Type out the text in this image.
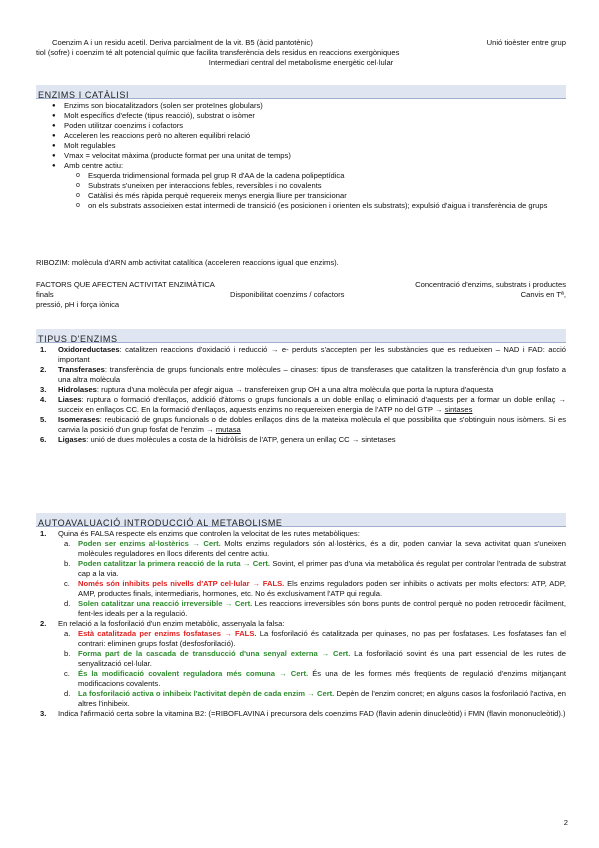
Coenzim A i un residu acetil. Deriva parcialment de la vit. B5 (àcid pantotènic)	Unió tioèster entre grup
tiol (sofre) i coenzim té alt potencial químic que facilita transferència dels residus en reaccions exergòniques
Intermediari central del metabolisme energètic cel·lular
ENZIMS I CATÀLISI
● Enzims son biocatalitzadors (solen ser proteïnes globulars)
● Molt específics d'efecte (tipus reacció), substrat o isòmer
● Poden utilitzar coenzims i cofactors
● Acceleren les reaccions però no alteren equilibri relació
● Molt regulables
● Vmax = velocitat màxima (producte format per una unitat de temps)
● Amb centre actiu:
o Esquerda tridimensional formada pel grup R d'AA de la cadena polipeptídica
o Substrats s'uneixen per interaccions febles, reversibles i no covalents
o Catàlisi és més ràpida perquè requereix menys energia lliure per transicionar
o on els substrats associeixen estat intermedi de transició (es posicionen i orienten els substrats); expulsió d'aigua i transferència de grups
RIBOZIM: molècula d'ARN amb activitat catalítica (acceleren reaccions igual que enzims).
FACTORS QUE AFECTEN ACTIVITAT ENZIMÀTICA	Concentració d'enzims, substrats i productes
finals	Disponibilitat coenzims / cofactors	Canvis en Tª,
pressió, pH i força iònica
TIPUS D'ENZIMS
1. Oxidoreductases: catalitzen reaccions d'oxidació i reducció → e- perduts s'accepten per les substàncies que es redueixen – NAD i FAD: acció important
2. Transferases: transferència de grups funcionals entre molècules – cinases: tipus de transferases que catalitzen la transferència d'un grup fosfato a una altra molècula
3. Hidrolases: ruptura d'una molècula per afegir aigua → transfereixen grup OH a una altra molècula que porta la ruptura d'aquesta
4. Liases: ruptura o formació d'enllaços, addició d'àtoms o grups funcionals a un doble enllaç o eliminació d'aquests per a formar un doble enllaç → succeix en enllaços CC. En la formació d'enllaços, aquests enzims no requereixen energia de l'ATP no del GTP → sintases
5. Isomerases: reubicació de grups funcionals o de dobles enllaços dins de la mateixa molècula el que possibilita que s'obtinguin nous isòmers. Si es canvia la posició d'un grup fosfat de l'enzim → mutasa
6. Ligases: unió de dues molècules a costa de la hidròlisis de l'ATP, genera un enllaç CC → sintetases
AUTOAVALUACIÓ INTRODUCCIÓ AL METABOLISME
1. Quina és FALSA respecte els enzims que controlen la velocitat de les rutes metabòliques:
a. Poden ser enzims al·lostèrics → Cert. Molts enzims reguladors són al·lostèrics, és a dir, poden canviar la seva activitat quan s'uneixen molècules reguladores en llocs diferents del centre actiu.
b. Poden catalitzar la primera reacció de la ruta → Cert. Sovint, el primer pas d'una via metabòlica és regulat per controlar l'entrada de substrat cap a la via.
c. Només són inhibits pels nivells d'ATP cel·lular → FALS. Els enzims reguladors poden ser inhibits o activats per molts efectors: ATP, ADP, AMP, productes finals, intermediaris, hormones, etc. No és exclusivament l'ATP qui regula.
d. Solen catalitzar una reacció irreversible → Cert. Les reaccions irreversibles són bons punts de control perquè no poden retrocedir fàcilment, fent-les ideals per a la regulació.
2. En relació a la fosforilació d'un enzim metabòlic, assenyala la falsa:
a. Està catalitzada per enzims fosfatases → FALS. La fosforilació és catalitzada per quinases, no pas per fosfatases. Les fosfatases fan el contrari: eliminen grups fosfat (desfosforilació).
b. Forma part de la cascada de transducció d'una senyal externa → Cert. La fosforilació sovint és una part essencial de les rutes de senyalització cel·lular.
c. És la modificació covalent reguladora més comuna → Cert. És una de les formes més freqüents de regulació d'enzims mitjançant modificacions covalents.
d. La fosforilació activa o inhibeix l'activitat depèn de cada enzim → Cert. Depèn de l'enzim concret; en alguns casos la fosforilació l'activa, en altres l'inhibeix.
3. Indica l'afirmació certa sobre la vitamina B2: (=RIBOFLAVINA i precursora dels coenzims FAD (flavin adenin dinucleòtid) i FMN (flavin mononucleòtid).)
2
